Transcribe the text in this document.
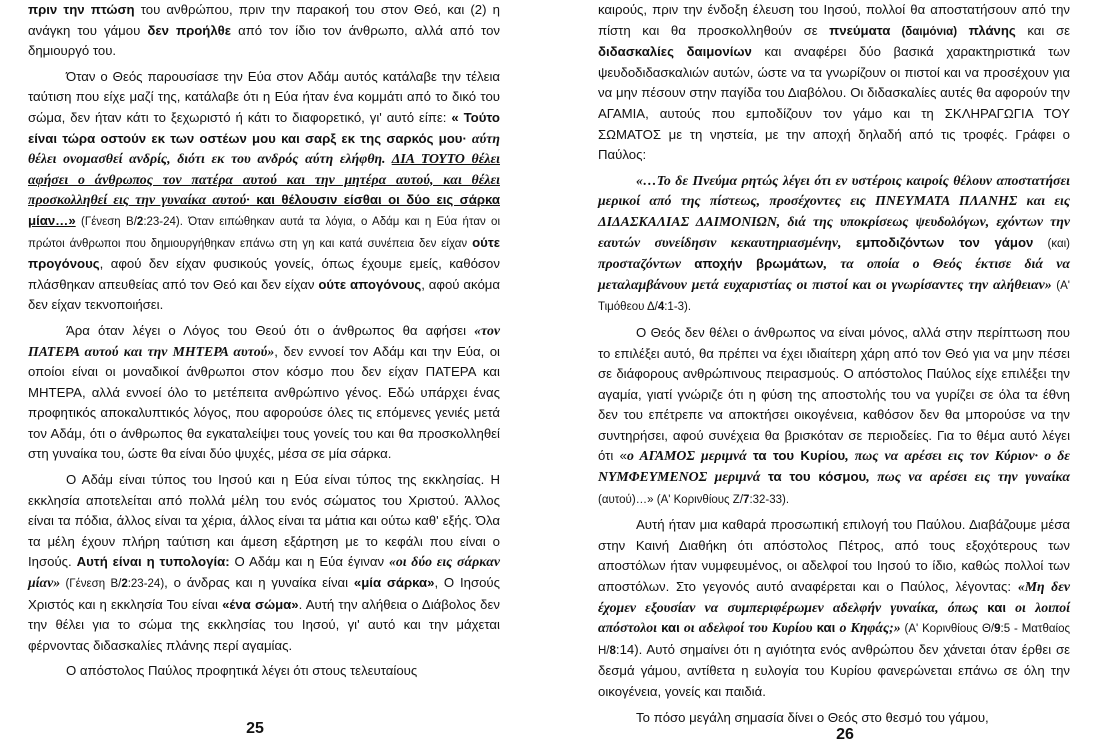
πριν την πτώση του ανθρώπου, πριν την παρακοή του στον Θεό, και (2) η ανάγκη του γάμου δεν προήλθε από τον ίδιο τον άνθρωπο, αλλά από τον δημιουργό του.

Όταν ο Θεός παρουσίασε την Εύα στον Αδάμ αυτός κατάλαβε την τέλεια ταύτιση που είχε μαζί της, κατάλαβε ότι η Εύα ήταν ένα κομμάτι από το δικό του σώμα, δεν ήταν κάτι το ξεχωριστό ή κάτι το διαφορετικό, γι' αυτό είπε: « Τούτο είναι τώρα οστούν εκ των οστέων μου και σαρξ εκ της σαρκός μου· αύτη θέλει ονομασθεί ανδρίς, διότι εκ του ανδρός αύτη ελήφθη. ΔΙΑ ΤΟΥΤΟ θέλει αφήσει ο άνθρωπος τον πατέρα αυτού και την μητέρα αυτού, και θέλει προσκολληθεί εις την γυναίκα αυτού· και θέλουσιν είσθαι οι δύο εις σάρκα μίαν…» (Γένεση Β/2:23-24). Όταν ειπώθηκαν αυτά τα λόγια, ο Αδάμ και η Εύα ήταν οι πρώτοι άνθρωποι που δημιουργήθηκαν επάνω στη γη και κατά συνέπεια δεν είχαν ούτε προγόνους, αφού δεν είχαν φυσικούς γονείς, όπως έχουμε εμείς, καθόσον πλάσθηκαν απευθείας από τον Θεό και δεν είχαν ούτε απογόνους, αφού ακόμα δεν είχαν τεκνοποιήσει.

Άρα όταν λέγει ο Λόγος του Θεού ότι ο άνθρωπος θα αφήσει «τον ΠΑΤΕΡΑ αυτού και την ΜΗΤΕΡΑ αυτού», δεν εννοεί τον Αδάμ και την Εύα, οι οποίοι είναι οι μοναδικοί άνθρωποι στον κόσμο που δεν είχαν ΠΑΤΕΡΑ και ΜΗΤΕΡΑ, αλλά εννοεί όλο το μετέπειτα ανθρώπινο γένος. Εδώ υπάρχει ένας προφητικός αποκαλυπτικός λόγος, που αφορούσε όλες τις επόμενες γενιές μετά τον Αδάμ, ότι ο άνθρωπος θα εγκαταλείψει τους γονείς του και θα προσκολληθεί στη γυναίκα του, ώστε θα είναι δύο ψυχές, μέσα σε μία σάρκα.

Ο Αδάμ είναι τύπος του Ιησού και η Εύα είναι τύπος της εκκλησίας. Η εκκλησία αποτελείται από πολλά μέλη του ενός σώματος του Χριστού. Άλλος είναι τα πόδια, άλλος είναι τα χέρια, άλλος είναι τα μάτια και ούτω καθ' εξής. Όλα τα μέλη έχουν πλήρη ταύτιση και άμεση εξάρτηση με το κεφάλι που είναι ο Ιησούς. Αυτή είναι η τυπολογία: Ο Αδάμ και η Εύα έγιναν «οι δύο εις σάρκαν μίαν» (Γένεση Β/2:23-24), ο άνδρας και η γυναίκα είναι «μία σάρκα», Ο Ιησούς Χριστός και η εκκλησία Του είναι «ένα σώμα». Αυτή την αλήθεια ο Διάβολος δεν την θέλει για το σώμα της εκκλησίας του Ιησού, γι' αυτό και την μάχεται φέρνοντας διδασκαλίες πλάνης περί αγαμίας.

Ο απόστολος Παύλος προφητικά λέγει ότι στους τελευταίους

25

καιρούς, πριν την ένδοξη έλευση του Ιησού, πολλοί θα αποστατήσουν από την πίστη και θα προσκολληθούν σε πνεύματα (δαιμόνια) πλάνης και σε διδασκαλίες δαιμονίων και αναφέρει δύο βασικά χαρακτηριστικά των ψευδοδιδασκαλιών αυτών, ώστε να τα γνωρίζουν οι πιστοί και να προσέχουν για να μην πέσουν στην παγίδα του Διαβόλου. Οι διδασκαλίες αυτές θα αφορούν την ΑΓΑΜΙΑ, αυτούς που εμποδίζουν τον γάμο και τη ΣΚΛΗΡΑΓΩΓΙΑ ΤΟΥ ΣΩΜΑΤΟΣ με τη νηστεία, με την αποχή δηλαδή από τις τροφές. Γράφει ο Παύλος:

«…Το δε Πνεύμα ρητώς λέγει ότι εν υστέροις καιροίς θέλουν αποστατήσει μερικοί από της πίστεως, προσέχοντες εις ΠΝΕΥΜΑΤΑ ΠΛΑΝΗΣ και εις ΔΙΔΑΣΚΑΛΙΑΣ ΔΑΙΜΟΝΙΩΝ, διά της υποκρίσεως ψευδολόγων, εχόντων την εαυτών συνείδησιν κεκαυτηριασμένην, εμποδιζόντων τον γάμον (και) προσταζόντων αποχήν βρωμάτων, τα οποία ο Θεός έκτισε διά να μεταλαμβάνουν μετά ευχαριστίας οι πιστοί και οι γνωρίσαντες την αλήθειαν» (Α' Τιμόθεου Δ/4:1-3).

Ο Θεός δεν θέλει ο άνθρωπος να είναι μόνος, αλλά στην περίπτωση που το επιλέξει αυτό, θα πρέπει να έχει ιδιαίτερη χάρη από τον Θεό για να μην πέσει σε διάφορους ανθρώπινους πειρασμούς. Ο απόστολος Παύλος είχε επιλέξει την αγαμία, γιατί γνώριζε ότι η φύση της αποστολής του να γυρίζει σε όλα τα έθνη δεν του επέτρεπε να αποκτήσει οικογένεια, καθόσον δεν θα μπορούσε να την συντηρήσει, αφού συνέχεια θα βρισκόταν σε περιοδείες. Για το θέμα αυτό λέγει ότι «ο ΑΓΑΜΟΣ μεριμνά τα του Κυρίου, πως να αρέσει εις τον Κύριον· ο δε ΝΥΜΦΕΥΜΕΝΟΣ μεριμνά τα του κόσμου, πως να αρέσει εις την γυναίκα (αυτού)…» (Α' Κορινθίους Ζ/7:32-33).

Αυτή ήταν μια καθαρά προσωπική επιλογή του Παύλου. Διαβάζουμε μέσα στην Καινή Διαθήκη ότι απόστολος Πέτρος, από τους εξοχότερους των αποστόλων ήταν νυμφευμένος, οι αδελφοί του Ιησού το ίδιο, καθώς πολλοί των αποστόλων. Στο γεγονός αυτό αναφέρεται και ο Παύλος, λέγοντας: «Μη δεν έχομεν εξουσίαν να συμπεριφέρωμεν αδελφήν γυναίκα, όπως και οι λοιποί απόστολοι και οι αδελφοί του Κυρίου και ο Κηφάς;» (Α' Κορινθίους Θ/9:5 - Ματθαίος Η/8:14). Αυτό σημαίνει ότι η αγιότητα ενός ανθρώπου δεν χάνεται όταν έρθει σε δεσμά γάμου, αντίθετα η ευλογία του Κυρίου φανερώνεται επάνω σε όλη την οικογένεια, γονείς και παιδιά.

Το πόσο μεγάλη σημασία δίνει ο Θεός στο θεσμό του γάμου,

26
